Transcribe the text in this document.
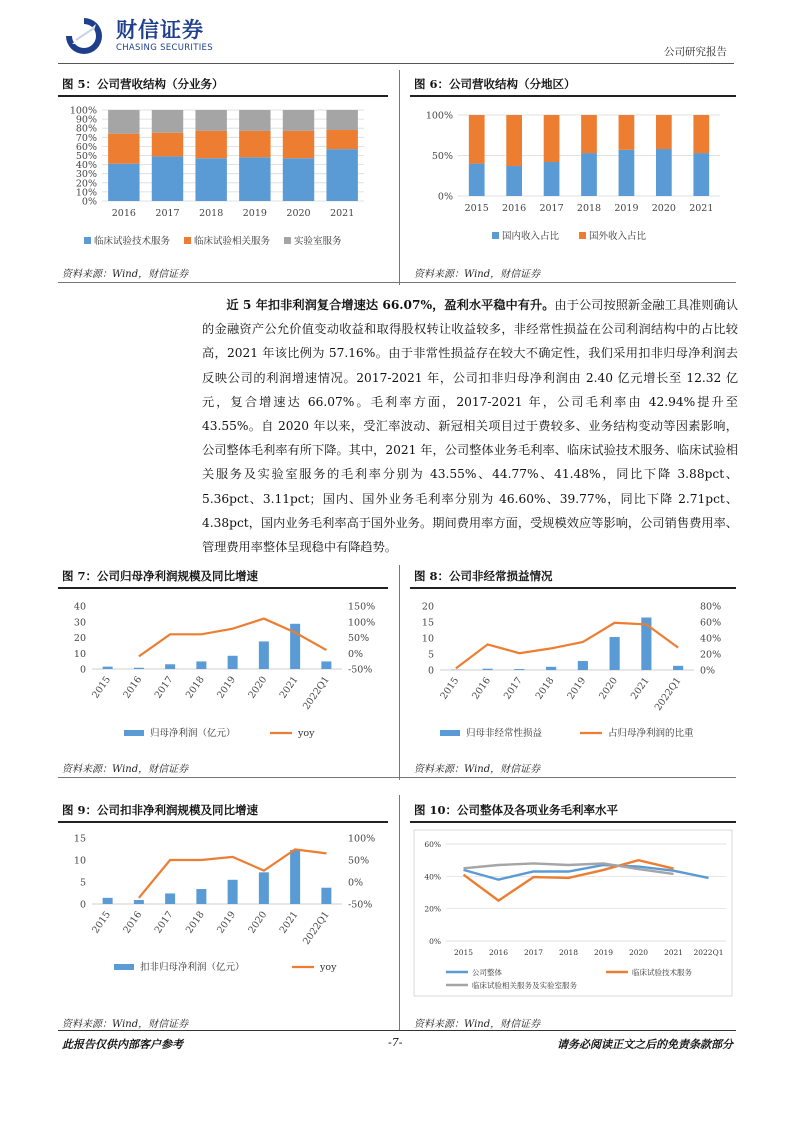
财信证券
CHASING SECURITIES	公司研究报告
图 5：公司营收结构（分业务）
0%
10%
20%
30%
40%
50%
60%
70%
80%
90%
100%
2016 2017 2018 2019 2020 2021
临床试验技术服务	临床试验相关服务	实验室服务
资料来源：Wind，财信证券
图 6：公司营收结构（分地区）
0%
50%
100%
2015 2016 2017 2018 2019 2020 2021
国内收入占比	国外收入占比
资料来源：Wind，财信证券

近 5 年扣非利润复合增速达 66.07%，盈利水平稳中有升。由于公司按照新金融工具准则确认的金融资产公允价值变动收益和取得股权转让收益较多，非经常性损益在公司利润结构中的占比较高，2021 年该比例为 57.16%。由于非常性损益存在较大不确定性，我们采用扣非归母净利润去反映公司的利润增速情况。2017-2021 年，公司扣非归母净利润由 2.40 亿元增长至 12.32 亿元，复合增速达 66.07%。毛利率方面，2017-2021 年，公司毛利率由 42.94%提升至 43.55%。自 2020 年以来，受汇率波动、新冠相关项目过于费较多、业务结构变动等因素影响，公司整体毛利率有所下降。其中，2021 年，公司整体业务毛利率、临床试验技术服务、临床试验相关服务及实验室服务的毛利率分别为 43.55%、44.77%、41.48%，同比下降 3.88pct、5.36pct、3.11pct；国内、国外业务毛利率分别为 46.60%、39.77%，同比下降 2.71pct、4.38pct，国内业务毛利率高于国外业务。期间费用率方面，受规模效应等影响，公司销售费用率、管理费用率整体呈现稳中有降趋势。

图 7：公司归母净利润规模及同比增速
0
10
20
30
40
-50%
0%
50%
100%
150%
2015 2016 2017 2018 2019 2020 2021 2022Q1
归母净利润（亿元）	yoy
资料来源：Wind，财信证券
图 8：公司非经常损益情况
0
5
10
15
20
0%
20%
40%
60%
80%
2015 2016 2017 2018 2019 2020 2021 2022Q1
归母非经常性损益	占归母净利润的比重
资料来源：Wind，财信证券
图 9：公司扣非净利润规模及同比增速
0
5
10
15
-50%
0%
50%
100%
2015 2016 2017 2018 2019 2020 2021 2022Q1
扣非归母净利润（亿元）	yoy
资料来源：Wind，财信证券
图 10：公司整体及各项业务毛利率水平
0%
20%
40%
60%
2015 2016 2017 2018 2019 2020 2021 2022Q1
公司整体	临床试验技术服务
临床试验相关服务及实验室服务
资料来源：Wind，财信证券
此报告仅供内部客户参考	-7-	请务必阅读正文之后的免责条款部分
